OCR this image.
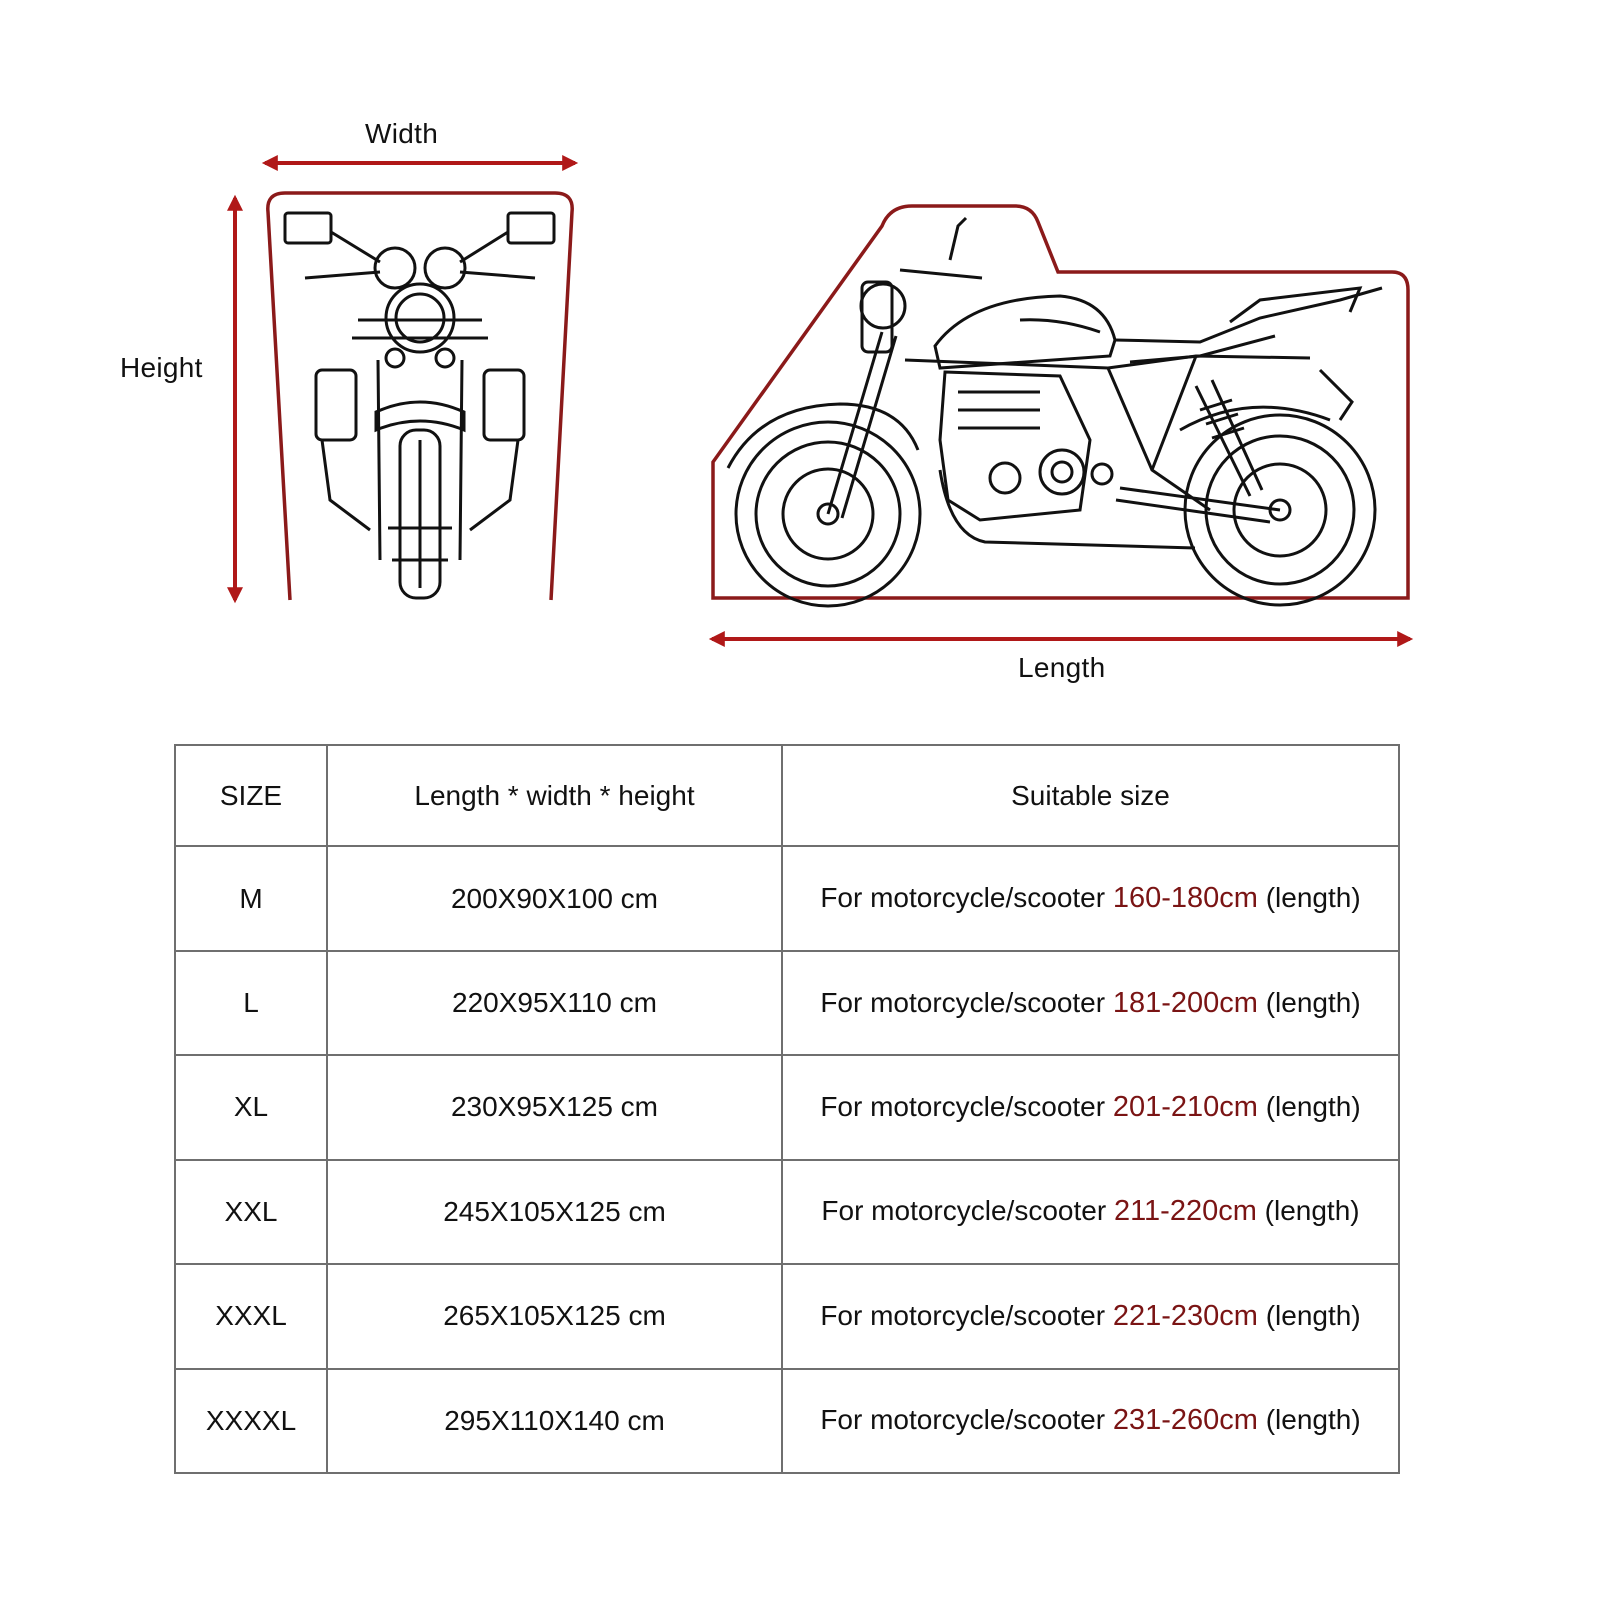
Width
Height
Length
SIZE	Length * width * height	Suitable size
M	200X90X100 cm	For motorcycle/scooter 160-180cm (length)
L	220X95X110 cm	For motorcycle/scooter 181-200cm (length)
XL	230X95X125 cm	For motorcycle/scooter 201-210cm (length)
XXL	245X105X125 cm	For motorcycle/scooter 211-220cm (length)
XXXL	265X105X125 cm	For motorcycle/scooter 221-230cm (length)
XXXXL	295X110X140 cm	For motorcycle/scooter 231-260cm (length)
